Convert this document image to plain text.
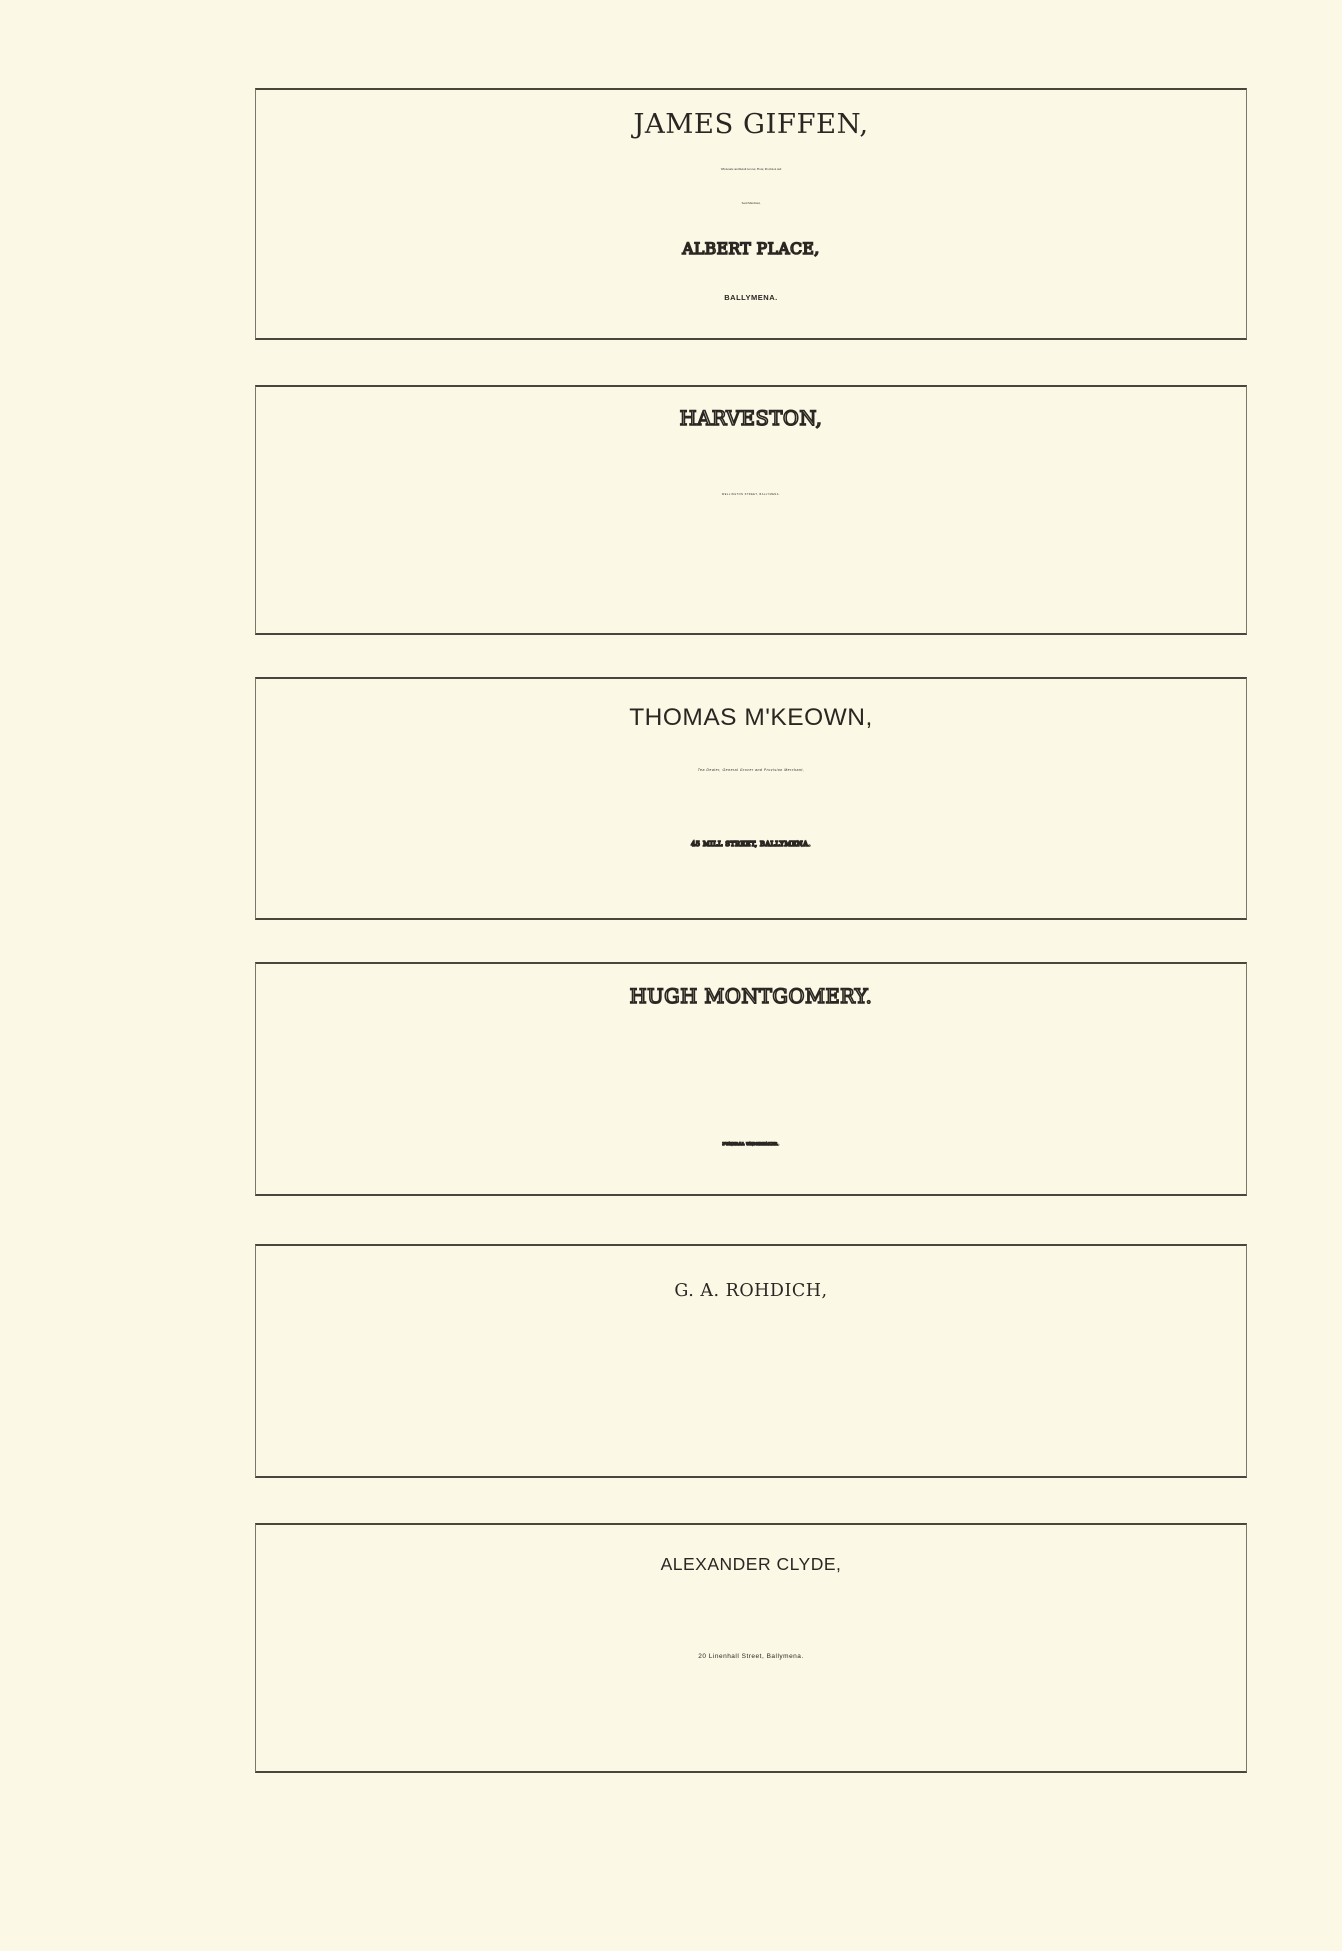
JAMES GIFFEN,
Wholesale and Retail Grocer, Flour, Provision and
Seed Merchant,
ALBERT PLACE,
BALLYMENA.
HARVESTON,
WELLINGTON STREET, BALLYMENA.
THOMAS M'KEOWN,
Tea Dealer, General Grocer and Provision Merchant,
45 MILL STREET, BALLYMENA.
HUGH MONTGOMERY.
FUNERAL UNDERTAKER.
G. A. ROHDICH,
ALEXANDER CLYDE,
20 Linenhall Street, Ballymena.
